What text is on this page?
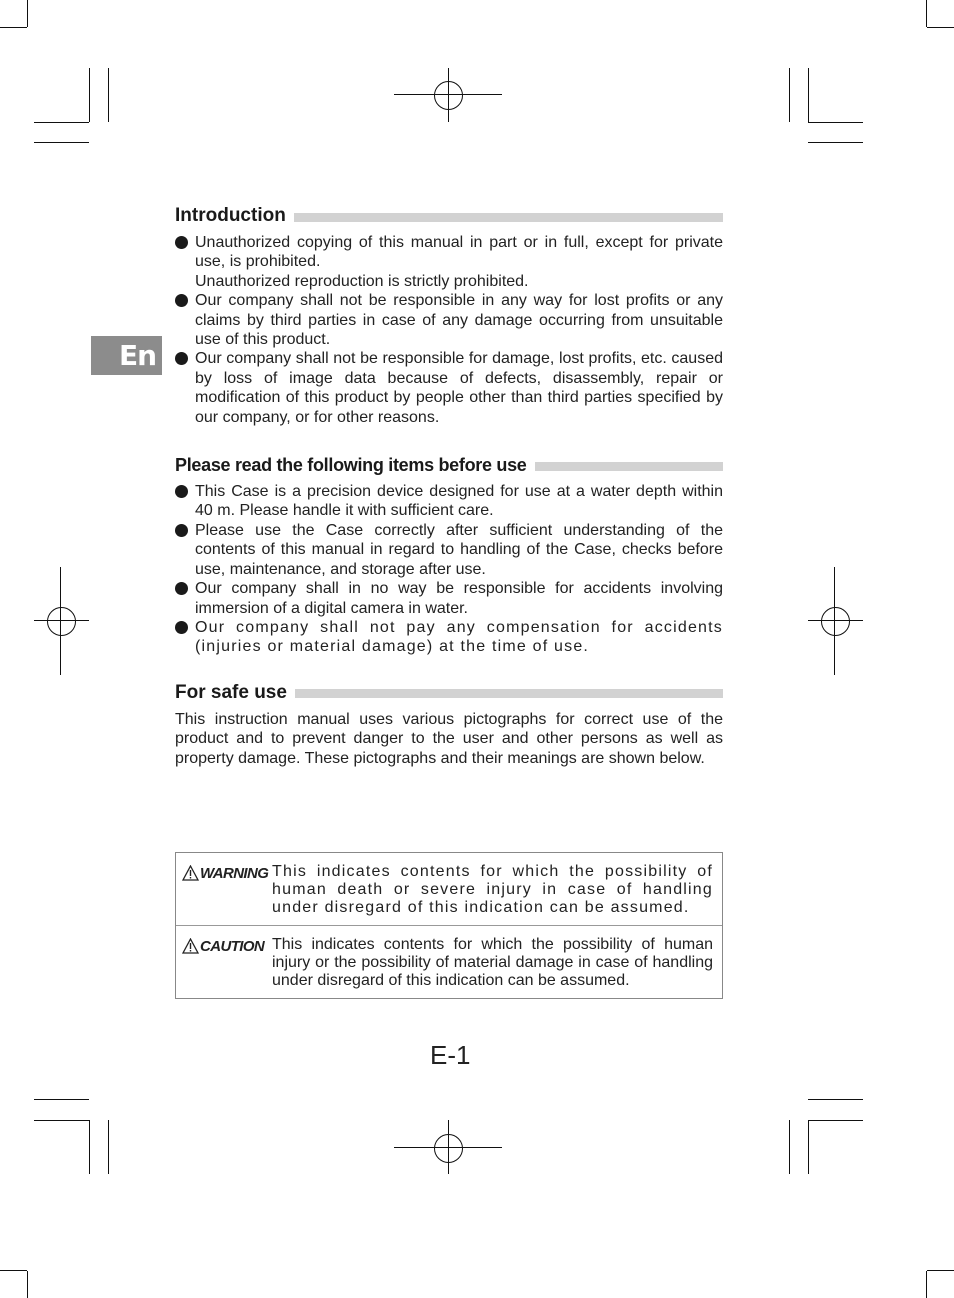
En
Introduction
Unauthorized copying of this manual in part or in full, except for private use, is prohibited.
Unauthorized reproduction is strictly prohibited.
Our company shall not be responsible in any way for lost profits or any claims by third parties in case of any damage occurring from unsuitable use of this product.
Our company shall not be responsible for damage, lost profits, etc. caused by loss of image data because of defects, disassembly, repair or modification of this product by people other than third parties specified by our company, or for other reasons.
Please read the following items before use
This Case is a precision device designed for use at a water depth within 40 m. Please handle it with sufficient care.
Please use the Case correctly after sufficient understanding of the contents of this manual in regard to handling of the Case, checks before use, maintenance, and storage after use.
Our company shall in no way be responsible for accidents involving immersion of a digital camera in water.
Our company shall not pay any compensation for accidents (injuries or material damage) at the time of use.
For safe use
This instruction manual uses various pictographs for correct use of the product and to prevent danger to the user and other persons as well as property damage. These pictographs and their meanings are shown below.
WARNING This indicates contents for which the possibility of human death or severe injury in case of handling under disregard of this indication can be assumed.
CAUTION This indicates contents for which the possibility of human injury or the possibility of material damage in case of handling under disregard of this indication can be assumed.
E-1
